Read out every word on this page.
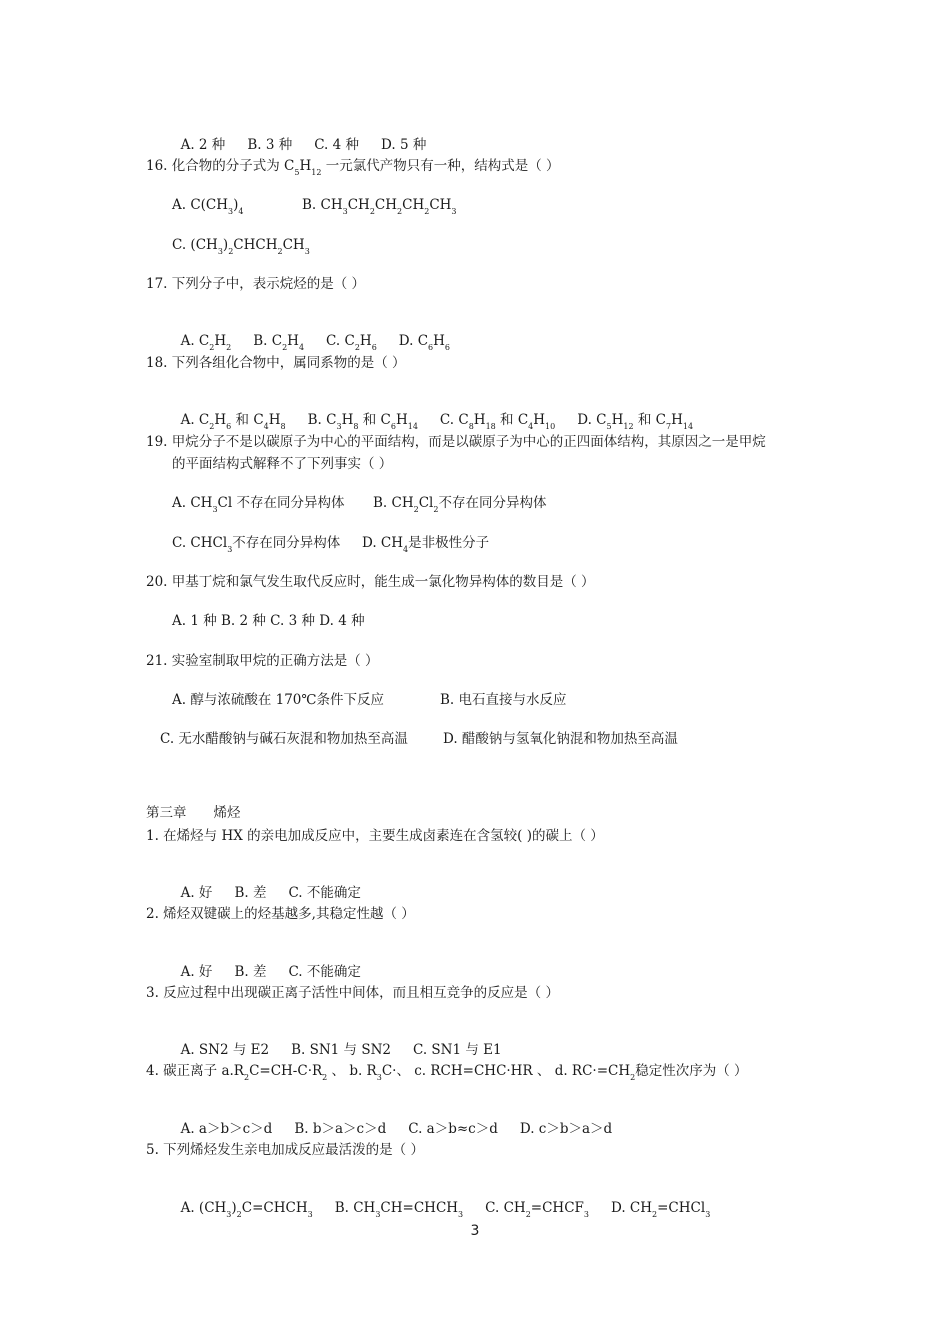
A. 2 种 B. 3 种 C. 4 种 D. 5 种

16. 化合物的分子式为 $C_5H_{12}$ 一元氯代产物只有一种，结构式是（ ）
A. $C(CH_3)_4$	B. $CH_3CH_2CH_2CH_2CH_3$
C. $(CH_3)_2CHCH_2CH_3$
17. 下列分子中，表示烷烃的是（ ）

A. $C_2H_2$ B. $C_2H_4$ C. $C_2H_6$ D. $C_6H_6$

18. 下列各组化合物中，属同系物的是（ ）

A. $C_2H_6$ 和 $C_4H_8$ B. $C_3H_8$ 和 $C_6H_{14}$ C. $C_8H_{18}$ 和 $C_4H_{10}$ D. $C_5H_{12}$ 和 $C_7H_{14}$

19. 甲烷分子不是以碳原子为中心的平面结构，而是以碳原子为中心的正四面体结构，其原因之一是甲烷
的平面结构式解释不了下列事实（ ）
A. $CH_3Cl$ 不存在同分异构体 B. $CH_2Cl_2$不存在同分异构体
C. CHCl$_3$不存在同分异构体 D. $CH_4$是非极性分子
20. 甲基丁烷和氯气发生取代反应时，能生成一氯化物异构体的数目是（ ）
A. 1 种 B. 2 种 C. 3 种 D. 4 种
21. 实验室制取甲烷的正确方法是（ ）
A. 醇与浓硫酸在 170℃条件下反应	B. 电石直接与水反应
C. 无水醋酸钠与碱石灰混和物加热至高温	D. 醋酸钠与氢氧化钠混和物加热至高温
第三章　　烯烃
1. 在烯烃与 HX 的亲电加成反应中，主要生成卤素连在含氢较( )的碳上（ ）

A. 好 B. 差 C. 不能确定

2. 烯烃双键碳上的烃基越多,其稳定性越（ ）

A. 好 B. 差 C. 不能确定

3. 反应过程中出现碳正离子活性中间体，而且相互竞争的反应是（ ）

A. SN2 与 E2 B. SN1 与 SN2 C. SN1 与 E1

4. 碳正离子 $a.R_2C=CH-C\cdot R_2$ 、 b. $R_3C\cdot$、 c. RCH=CHC·HR 、 d. $RC\cdot=CH_2$稳定性次序为（ ）

A. a＞b＞c＞d B. b＞a＞c＞d C. a＞b≈c＞d D. c＞b＞a＞d

5. 下列烯烃发生亲电加成反应最活泼的是（ ）

A. $(CH_3)_2C=CHCH_3$ B. $CH_3CH=CHCH_3$ C. $CH_2=CHCF_3$ D. $CH_2=CHCl_3$

3
